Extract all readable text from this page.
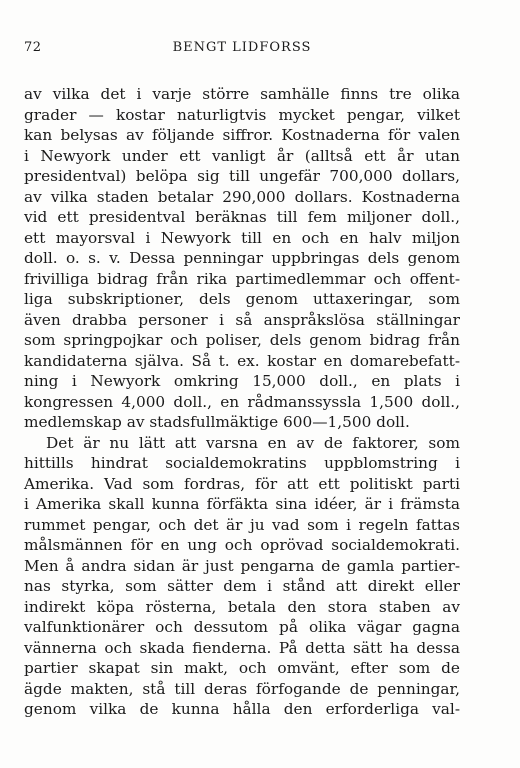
72	BENGT LIDFORSS

av vilka det i varje större samhälle finns tre olika
grader — kostar naturligtvis mycket pengar, vilket
kan belysas av följande siffror. Kostnaderna för valen
i Newyork under ett vanligt år (alltså ett år utan
presidentval) belöpa sig till ungefär 700,000 dollars,
av vilka staden betalar 290,000 dollars. Kostnaderna
vid ett presidentval beräknas till fem miljoner doll.,
ett mayorsval i Newyork till en och en halv miljon
doll. o. s. v. Dessa penningar uppbringas dels genom
frivilliga bidrag från rika partimedlemmar och offent-
liga subskriptioner, dels genom uttaxeringar, som
även drabba personer i så anspråkslösa ställningar
som springpojkar och poliser, dels genom bidrag från
kandidaterna själva. Så t. ex. kostar en domarebefatt-
ning i Newyork omkring 15,000 doll., en plats i
kongressen 4,000 doll., en rådmanssyssla 1,500 doll.,
medlemskap av stadsfullmäktige 600—1,500 doll.

Det är nu lätt att varsna en av de faktorer, som
hittills hindrat socialdemokratins uppblomstring i
Amerika. Vad som fordras, för att ett politiskt parti
i Amerika skall kunna förfäkta sina idéer, är i främsta
rummet pengar, och det är ju vad som i regeln fattas
målsmännen för en ung och oprövad socialdemokrati.
Men å andra sidan är just pengarna de gamla partier-
nas styrka, som sätter dem i stånd att direkt eller
indirekt köpa rösterna, betala den stora staben av
valfunktionärer och dessutom på olika vägar gagna
vännerna och skada fienderna. På detta sätt ha dessa
partier skapat sin makt, och omvänt, efter som de
ägde makten, stå till deras förfogande de penningar,
genom vilka de kunna hålla den erforderliga val-
